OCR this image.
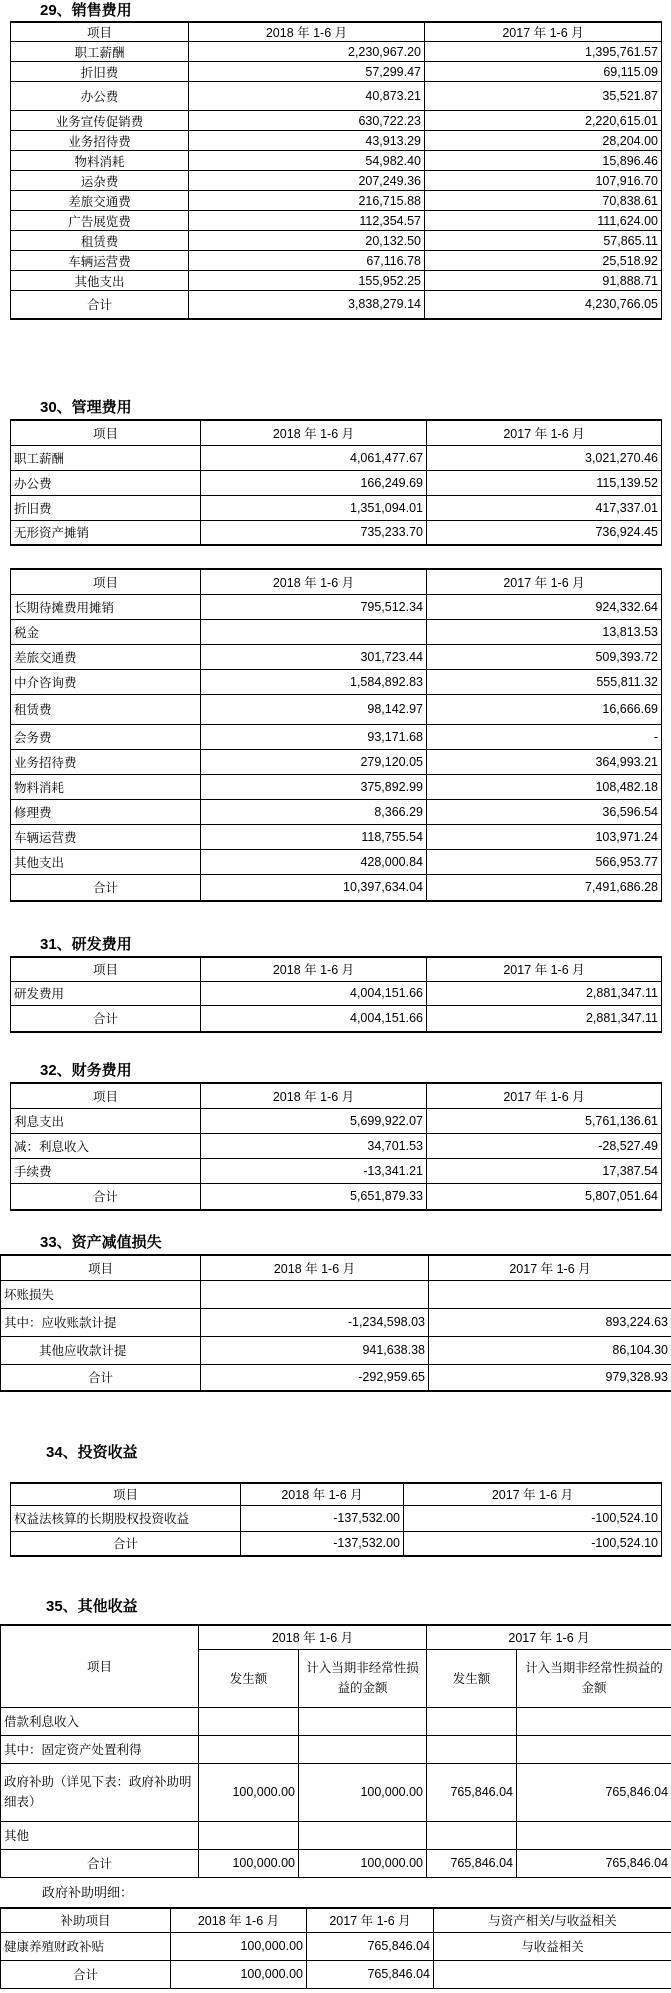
29、销售费用
项目	2018 年 1-6 月	2017 年 1-6 月
职工薪酬	2,230,967.20	1,395,761.57
折旧费	57,299.47	69,115.09
办公费	40,873.21	35,521.87
业务宣传促销费	630,722.23	2,220,615.01
业务招待费	43,913.29	28,204.00
物料消耗	54,982.40	15,896.46
运杂费	207,249.36	107,916.70
差旅交通费	216,715.88	70,838.61
广告展览费	112,354.57	111,624.00
租赁费	20,132.50	57,865.11
车辆运营费	67,116.78	25,518.92
其他支出	155,952.25	91,888.71
合计	3,838,279.14	4,230,766.05
30、管理费用
项目	2018 年 1-6 月	2017 年 1-6 月
职工薪酬	4,061,477.67	3,021,270.46
办公费	166,249.69	115,139.52
折旧费	1,351,094.01	417,337.01
无形资产摊销	735,233.70	736,924.45
项目	2018 年 1-6 月	2017 年 1-6 月
长期待摊费用摊销	795,512.34	924,332.64
税金		13,813.53
差旅交通费	301,723.44	509,393.72
中介咨询费	1,584,892.83	555,811.32
租赁费	98,142.97	16,666.69
会务费	93,171.68	-
业务招待费	279,120.05	364,993.21
物料消耗	375,892.99	108,482.18
修理费	8,366.29	36,596.54
车辆运营费	118,755.54	103,971.24
其他支出	428,000.84	566,953.77
合计	10,397,634.04	7,491,686.28
31、研发费用
项目	2018 年 1-6 月	2017 年 1-6 月
研发费用	4,004,151.66	2,881,347.11
合计	4,004,151.66	2,881,347.11
32、财务费用
项目	2018 年 1-6 月	2017 年 1-6 月
利息支出	5,699,922.07	5,761,136.61
减：利息收入	34,701.53	-28,527.49
手续费	-13,341.21	17,387.54
合计	5,651,879.33	5,807,051.64
33、资产减值损失
项目	2018 年 1-6 月	2017 年 1-6 月
坏账损失		
其中：应收账款计提	-1,234,598.03	893,224.63
其他应收款计提	941,638.38	86,104.30
合计	-292,959.65	979,328.93
34、投资收益
项目	2018 年 1-6 月	2017 年 1-6 月
权益法核算的长期股权投资收益	-137,532.00	-100,524.10
合计	-137,532.00	-100,524.10
35、其他收益
项目	2018 年 1-6 月		2017 年 1-6 月	
	发生额	计入当期非经常性损益的金额	发生额	计入当期非经常性损益的金额
借款利息收入				
其中：固定资产处置利得				
政府补助（详见下表：政府补助明细表）	100,000.00	100,000.00	765,846.04	765,846.04
其他				
合计	100,000.00	100,000.00	765,846.04	765,846.04
政府补助明细：
补助项目	2018 年 1-6 月	2017 年 1-6 月	与资产相关/与收益相关
健康养殖财政补贴	100,000.00	765,846.04	与收益相关
合计	100,000.00	765,846.04	
